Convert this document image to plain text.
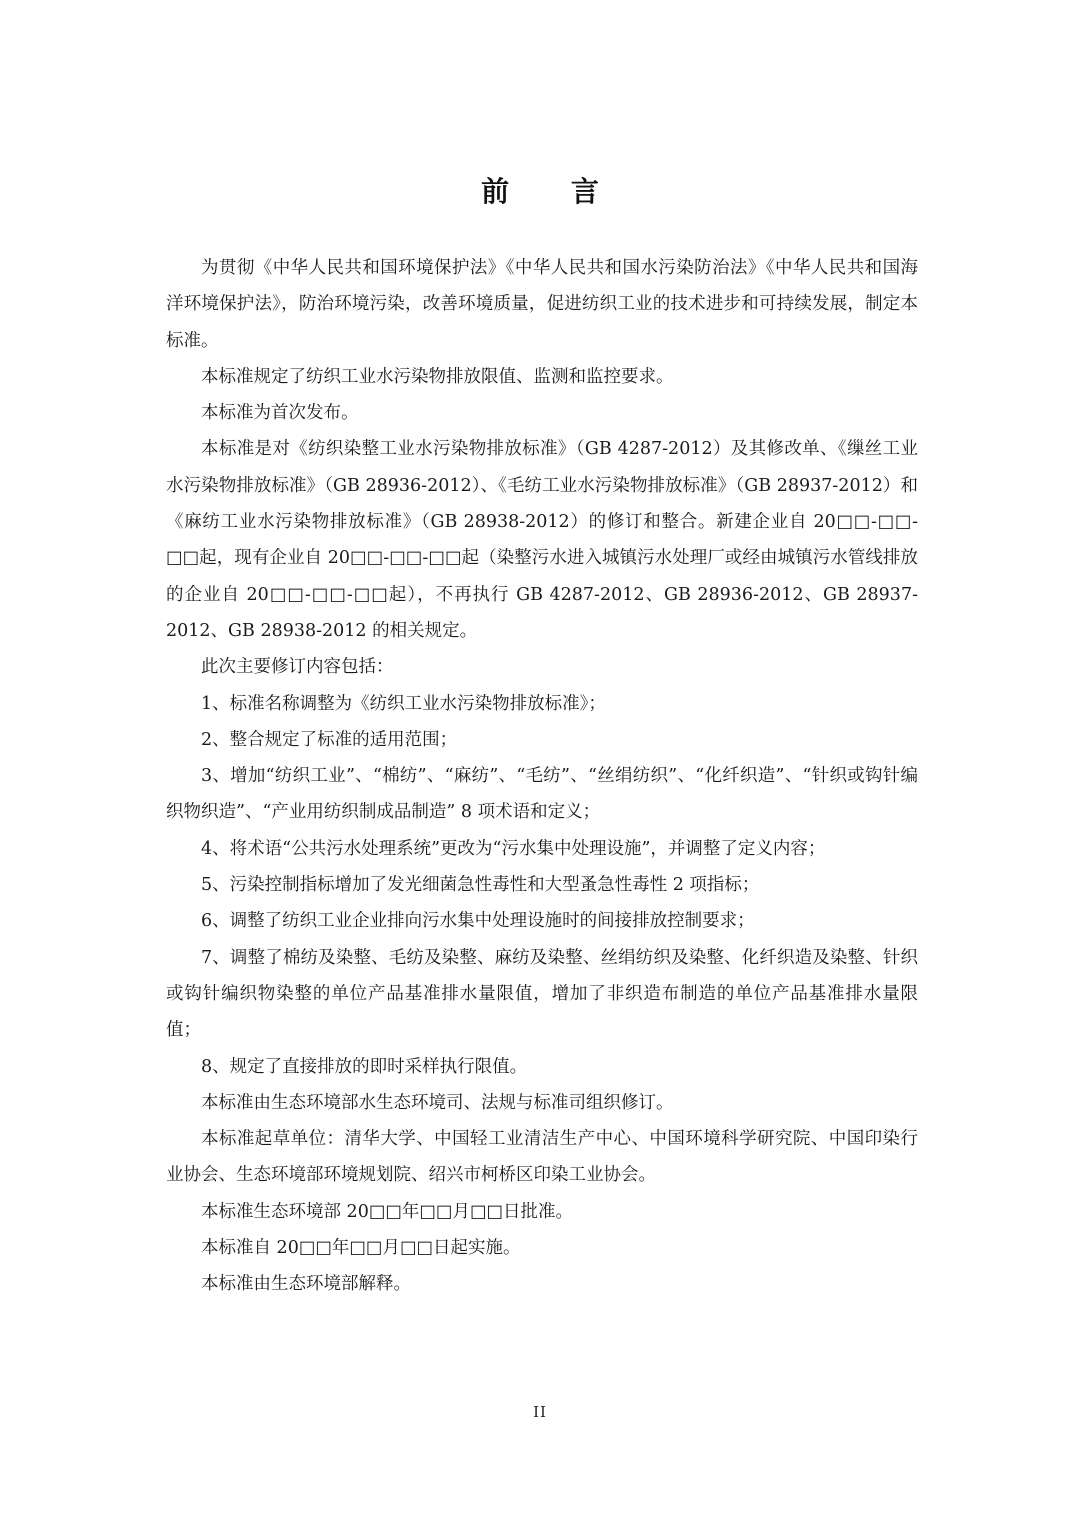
前 言

为贯彻《中华人民共和国环境保护法》《中华人民共和国水污染防治法》《中华人民共和国海洋环境保护法》，防治环境污染，改善环境质量，促进纺织工业的技术进步和可持续发展，制定本标准。

本标准规定了纺织工业水污染物排放限值、监测和监控要求。

本标准为首次发布。

本标准是对《纺织染整工业水污染物排放标准》（GB 4287-2012）及其修改单、《缫丝工业水污染物排放标准》（GB 28936-2012）、《毛纺工业水污染物排放标准》（GB 28937-2012）和《麻纺工业水污染物排放标准》（GB 28938-2012）的修订和整合。新建企业自 20□□-□□-□□起，现有企业自 20□□-□□-□□起（染整污水进入城镇污水处理厂或经由城镇污水管线排放的企业自 20□□-□□-□□起），不再执行 GB 4287-2012、GB 28936-2012、GB 28937-2012、GB 28938-2012 的相关规定。

此次主要修订内容包括：

1、标准名称调整为《纺织工业水污染物排放标准》；

2、整合规定了标准的适用范围；

3、增加“纺织工业”、“棉纺”、“麻纺”、“毛纺”、“丝绢纺织”、“化纤织造”、“针织或钩针编织物织造”、“产业用纺织制成品制造” 8 项术语和定义；

4、将术语“公共污水处理系统”更改为“污水集中处理设施”，并调整了定义内容；

5、污染控制指标增加了发光细菌急性毒性和大型蚤急性毒性 2 项指标；

6、调整了纺织工业企业排向污水集中处理设施时的间接排放控制要求；

7、调整了棉纺及染整、毛纺及染整、麻纺及染整、丝绢纺织及染整、化纤织造及染整、针织或钩针编织物染整的单位产品基准排水量限值，增加了非织造布制造的单位产品基准排水量限值；

8、规定了直接排放的即时采样执行限值。

本标准由生态环境部水生态环境司、法规与标准司组织修订。

本标准起草单位：清华大学、中国轻工业清洁生产中心、中国环境科学研究院、中国印染行业协会、生态环境部环境规划院、绍兴市柯桥区印染工业协会。

本标准生态环境部 20□□年□□月□□日批准。

本标准自 20□□年□□月□□日起实施。

本标准由生态环境部解释。

II
